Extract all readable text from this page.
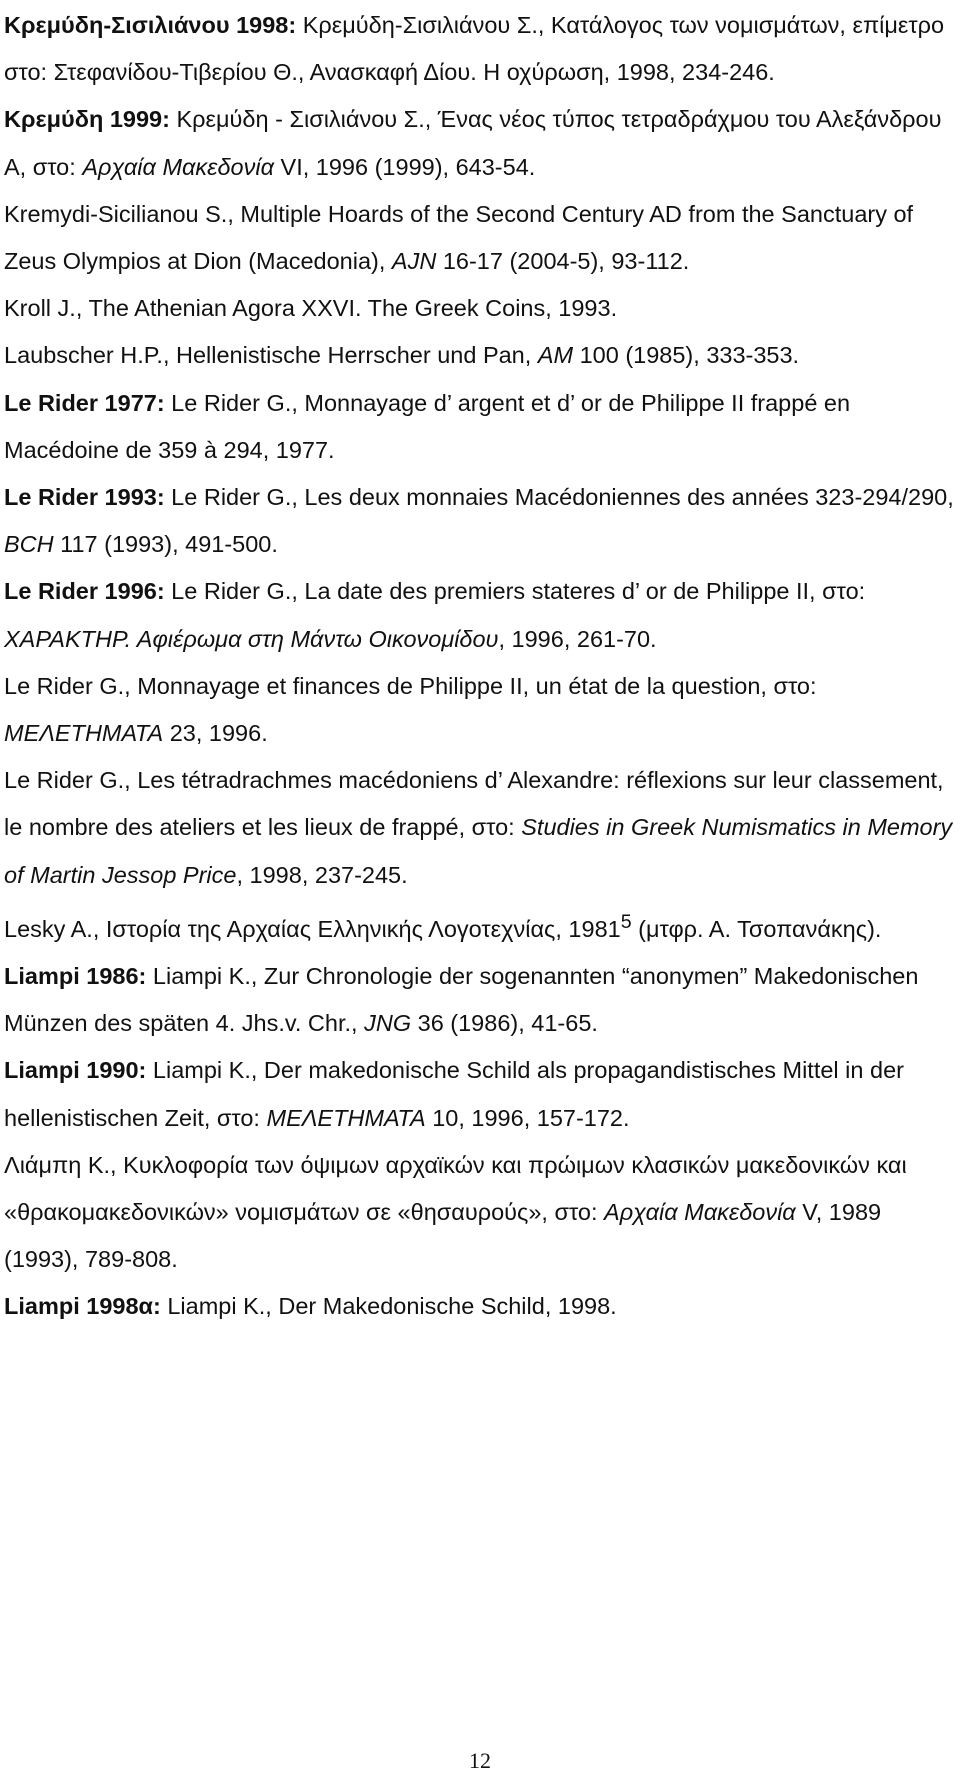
Κρεμύδη-Σισιλιάνου 1998: Κρεμύδη-Σισιλιάνου Σ., Κατάλογος των νομισμάτων, επίμετρο στο: Στεφανίδου-Τιβερίου Θ., Ανασκαφή Δίου. Η οχύρωση, 1998, 234-246.

Κρεμύδη 1999: Κρεμύδη - Σισιλιάνου Σ., Ένας νέος τύπος τετραδράχμου του Αλεξάνδρου Α, στο: Αρχαία Μακεδονία VI, 1996 (1999), 643-54.

Kremydi-Sicilianou S., Multiple Hoards of the Second Century AD from the Sanctuary of Zeus Olympios at Dion (Macedonia), AJN 16-17 (2004-5), 93-112.

Kroll J., The Athenian Agora XXVI. The Greek Coins, 1993.

Laubscher H.P., Hellenistische Herrscher und Pan, AM 100 (1985), 333-353.

Le Rider 1977: Le Rider G., Monnayage d’ argent et d’ or de Philippe II frappé en Macédoine de 359 à 294, 1977.

Le Rider 1993: Le Rider G., Les deux monnaies Macédoniennes des années 323-294/290, BCH 117 (1993), 491-500.

Le Rider 1996: Le Rider G., La date des premiers stateres d’ or de Philippe II, στο: ΧΑΡΑΚΤΗΡ. Αφιέρωμα στη Μάντω Οικονομίδου, 1996, 261-70.

Le Rider G., Monnayage et finances de Philippe II, un état de la question, στο: ΜΕΛΕΤΗΜΑΤΑ 23, 1996.

Le Rider G., Les tétradrachmes macédoniens d’ Alexandre: réflexions sur leur classement, le nombre des ateliers et les lieux de frappé, στο: Studies in Greek Numismatics in Memory of Martin Jessop Price, 1998, 237-245.

Lesky A., Ιστορία της Αρχαίας Ελληνικής Λογοτεχνίας, 1981$^5$ (μτφρ. Α. Τσοπανάκης).

Liampi 1986: Liampi K., Zur Chronologie der sogenannten “anonymen” Makedonischen Münzen des späten 4. Jhs.v. Chr., JNG 36 (1986), 41-65.

Liampi 1990: Liampi K., Der makedonische Schild als propagandistisches Mittel in der hellenistischen Zeit, στο: ΜΕΛΕΤΗΜΑΤΑ 10, 1996, 157-172.

Λιάμπη Κ., Κυκλοφορία των όψιμων αρχαϊκών και πρώιμων κλασικών μακεδονικών και «θρακομακεδονικών» νομισμάτων σε «θησαυρούς», στο: Αρχαία Μακεδονία V, 1989 (1993), 789-808.

Liampi 1998α: Liampi K., Der Makedonische Schild, 1998.

12
